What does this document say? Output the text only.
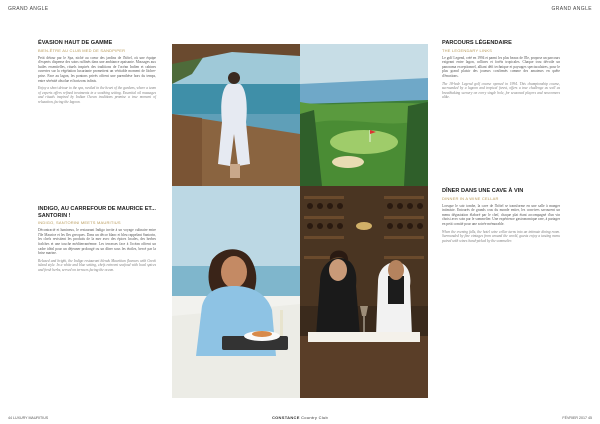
GRAND ANGLE	GRAND ANGLE
ÉVASION HAUT DE GAMME
BIEN-ÊTRE AU CLUB MED DE SANDPIPER

Petit détour par le Spa, niché au coeur des jardins de l'hôtel, où une équipe d'experts dispense des soins raffinés dans une ambiance apaisante. Massages aux huiles essentielles, rituels inspirés des traditions de l'océan Indien et cabines ouvertes sur la végétation luxuriante promettent un véritable moment de lâcher-prise. Face au lagon, les pontons privés offrent une parenthèse hors du temps, entre sérénité absolue et horizons infinis.

Enjoy a short detour to the spa, nestled in the heart of the gardens, where a team of experts offers refined treatments in a soothing setting. Essential oil massages and rituals inspired by Indian Ocean traditions promise a true moment of relaxation, facing the lagoon.

INDIGO, AU CARREFOUR DE MAURICE ET... SANTORIN !
INDIGO, SANTORINI MEETS MAURITIUS

Décontracté et lumineux, le restaurant Indigo invite à un voyage culinaire entre l'île Maurice et les îles grecques. Dans un décor blanc et bleu rappelant Santorin, les chefs revisitent les produits de la mer avec des épices locales, des herbes fraîches et une touche méditerranéenne. Les terrasses face à l'océan offrent un cadre idéal pour un déjeuner prolongé ou un dîner sous les étoiles, bercé par la brise marine.

Relaxed and bright, the Indigo restaurant blends Mauritian flavours with Greek island style. In a white and blue setting, chefs reinvent seafood with local spices and fresh herbs, served on terraces facing the ocean.

PARCOURS LÉGENDAIRE
THE LEGENDARY LINKS

Le golf Legend, créé en 1994 et parmi les plus beaux de l'île, propose un parcours exigeant entre lagon, collines et forêts tropicales. Chaque trou dévoile un panorama exceptionnel, alliant défi technique et paysages spectaculaires, pour le plus grand plaisir des joueurs confirmés comme des amateurs en quête d'émotions.

The 18-hole Legend golf course opened in 1994. This championship course, surrounded by a lagoon and tropical forest, offers a true challenge as well as breathtaking scenery on every single hole, for seasoned players and newcomers alike.

DÎNER DANS UNE CAVE À VIN
DINNER IN A WINE CELLAR

Lorsque le soir tombe, la cave de l'hôtel se transforme en une salle à manger intimiste. Entourés de grands crus du monde entier, les convives savourent un menu dégustation élaboré par le chef, chaque plat étant accompagné d'un vin choisi avec soin par le sommelier. Une expérience gastronomique rare, à partager en petit comité pour une soirée mémorable.

When the evening falls, the hotel wine cellar turns into an intimate dining room. Surrounded by fine vintages from around the world, guests enjoy a tasting menu paired with wines hand-picked by the sommelier.

44 LUXURY MAURITIUS	CONSTANCE Country Club	FÉVRIER 2017 45
